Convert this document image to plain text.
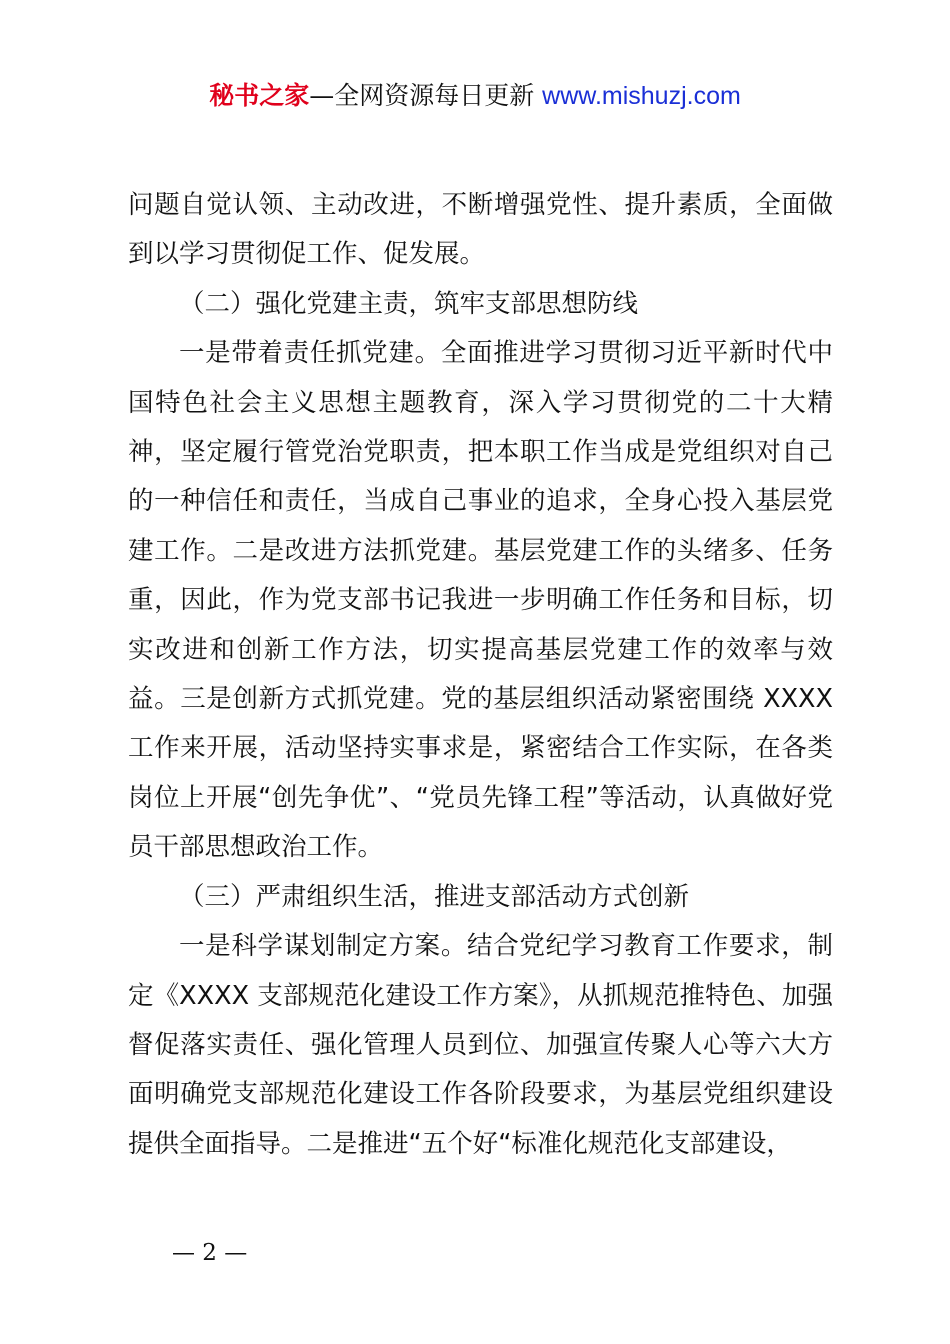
秘书之家—全网资源每日更新 www.mishuzj.com

问题自觉认领、主动改进，不断增强党性、提升素质，全面做到以学习贯彻促工作、促发展。

（二）强化党建主责，筑牢支部思想防线

一是带着责任抓党建。全面推进学习贯彻习近平新时代中国特色社会主义思想主题教育，深入学习贯彻党的二十大精神，坚定履行管党治党职责，把本职工作当成是党组织对自己的一种信任和责任，当成自己事业的追求，全身心投入基层党建工作。二是改进方法抓党建。基层党建工作的头绪多、任务重，因此，作为党支部书记我进一步明确工作任务和目标，切实改进和创新工作方法，切实提高基层党建工作的效率与效益。三是创新方式抓党建。党的基层组织活动紧密围绕 XXXX 工作来开展，活动坚持实事求是，紧密结合工作实际，在各类岗位上开展“创先争优”、“党员先锋工程”等活动，认真做好党员干部思想政治工作。

（三）严肃组织生活，推进支部活动方式创新

一是科学谋划制定方案。结合党纪学习教育工作要求，制定《XXXX 支部规范化建设工作方案》，从抓规范推特色、加强督促落实责任、强化管理人员到位、加强宣传聚人心等六大方面明确党支部规范化建设工作各阶段要求，为基层党组织建设提供全面指导。二是推进“五个好“标准化规范化支部建设，

— 2 —
